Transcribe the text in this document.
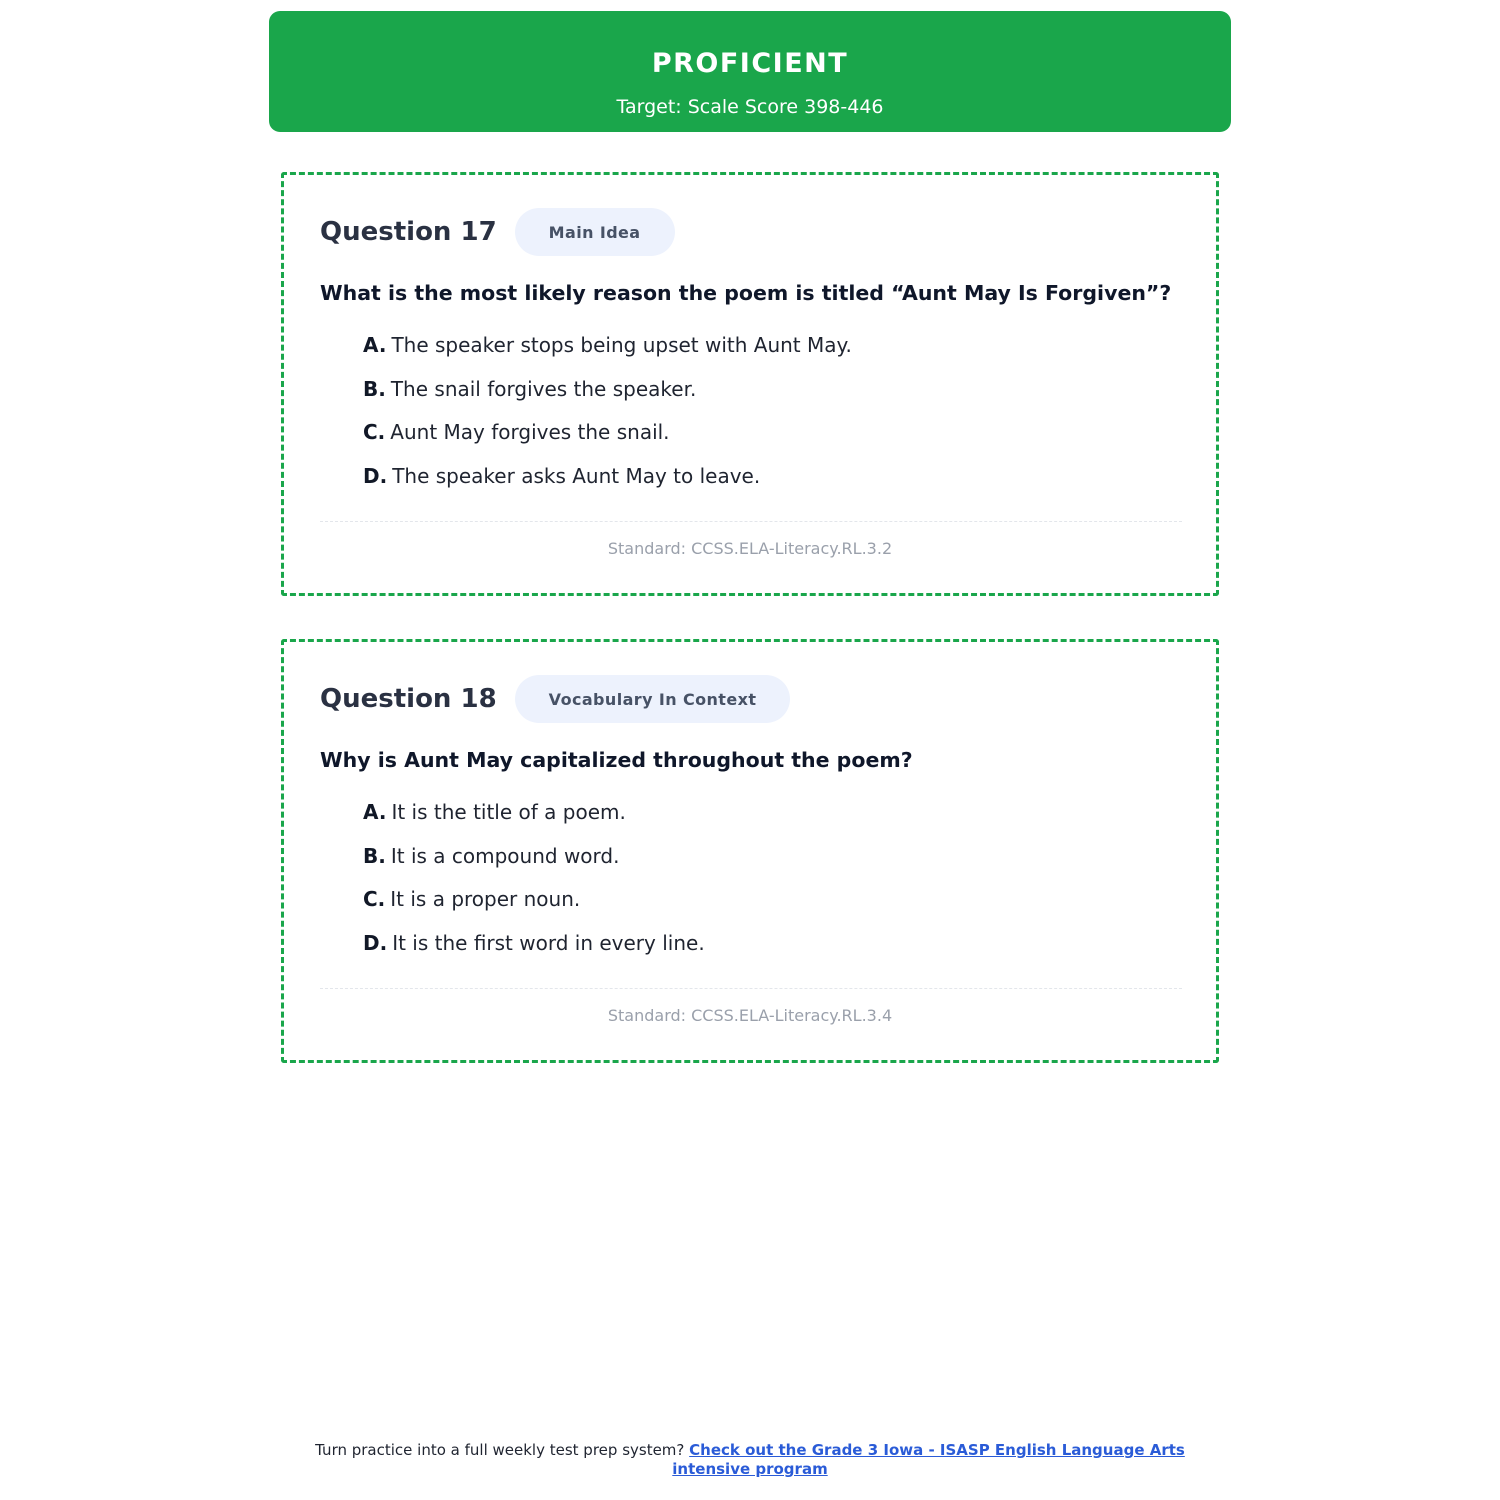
PROFICIENT
Target: Scale Score 398-446
Question 17	Main Idea
What is the most likely reason the poem is titled “Aunt May Is Forgiven”?
A. The speaker stops being upset with Aunt May.
B. The snail forgives the speaker.
C. Aunt May forgives the snail.
D. The speaker asks Aunt May to leave.
Standard: CCSS.ELA-Literacy.RL.3.2
Question 18	Vocabulary In Context
Why is Aunt May capitalized throughout the poem?
A. It is the title of a poem.
B. It is a compound word.
C. It is a proper noun.
D. It is the first word in every line.
Standard: CCSS.ELA-Literacy.RL.3.4
Turn practice into a full weekly test prep system? Check out the Grade 3 Iowa - ISASP English Language Arts intensive program
